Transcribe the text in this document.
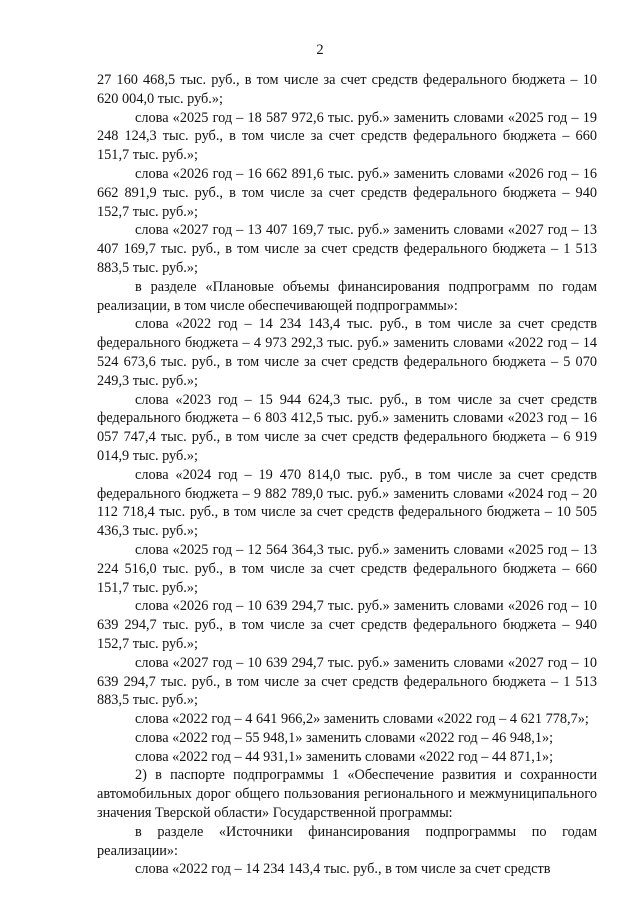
2

27 160 468,5 тыс. руб., в том числе за счет средств федерального бюджета – 10 620 004,0 тыс. руб.»;

слова «2025 год – 18 587 972,6 тыс. руб.» заменить словами «2025 год – 19 248 124,3 тыс. руб., в том числе за счет средств федерального бюджета – 660 151,7 тыс. руб.»;

слова «2026 год – 16 662 891,6 тыс. руб.» заменить словами «2026 год – 16 662 891,9 тыс. руб., в том числе за счет средств федерального бюджета – 940 152,7 тыс. руб.»;

слова «2027 год – 13 407 169,7 тыс. руб.» заменить словами «2027 год – 13 407 169,7 тыс. руб., в том числе за счет средств федерального бюджета – 1 513 883,5 тыс. руб.»;

в разделе «Плановые объемы финансирования подпрограмм по годам реализации, в том числе обеспечивающей подпрограммы»:

слова «2022 год – 14 234 143,4 тыс. руб., в том числе за счет средств федерального бюджета – 4 973 292,3 тыс. руб.» заменить словами «2022 год – 14 524 673,6 тыс. руб., в том числе за счет средств федерального бюджета – 5 070 249,3 тыс. руб.»;

слова «2023 год – 15 944 624,3 тыс. руб., в том числе за счет средств федерального бюджета – 6 803 412,5 тыс. руб.» заменить словами «2023 год – 16 057 747,4 тыс. руб., в том числе за счет средств федерального бюджета – 6 919 014,9 тыс. руб.»;

слова «2024 год – 19 470 814,0 тыс. руб., в том числе за счет средств федерального бюджета – 9 882 789,0 тыс. руб.» заменить словами «2024 год – 20 112 718,4 тыс. руб., в том числе за счет средств федерального бюджета – 10 505 436,3 тыс. руб.»;

слова «2025 год – 12 564 364,3 тыс. руб.» заменить словами «2025 год – 13 224 516,0 тыс. руб., в том числе за счет средств федерального бюджета – 660 151,7 тыс. руб.»;

слова «2026 год – 10 639 294,7 тыс. руб.» заменить словами «2026 год – 10 639 294,7 тыс. руб., в том числе за счет средств федерального бюджета – 940 152,7 тыс. руб.»;

слова «2027 год – 10 639 294,7 тыс. руб.» заменить словами «2027 год – 10 639 294,7 тыс. руб., в том числе за счет средств федерального бюджета – 1 513 883,5 тыс. руб.»;

слова «2022 год – 4 641 966,2» заменить словами «2022 год – 4 621 778,7»;

слова «2022 год – 55 948,1» заменить словами «2022 год – 46 948,1»;

слова «2022 год – 44 931,1» заменить словами «2022 год – 44 871,1»;

2) в паспорте подпрограммы 1 «Обеспечение развития и сохранности автомобильных дорог общего пользования регионального и межмуниципального значения Тверской области» Государственной программы:

в разделе «Источники финансирования подпрограммы по годам реализации»:

слова «2022 год – 14 234 143,4 тыс. руб., в том числе за счет средств
